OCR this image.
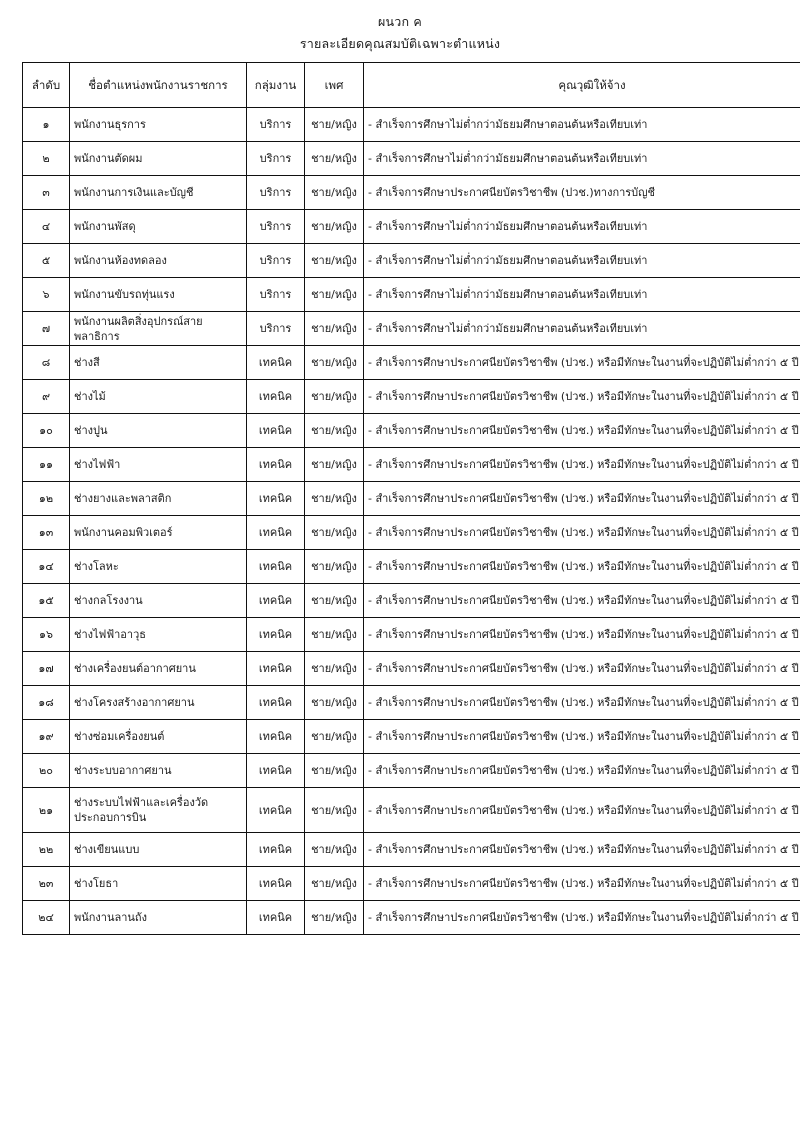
ผนวก ค
รายละเอียดคุณสมบัติเฉพาะตำแหน่ง
ลำดับ	ชื่อตำแหน่งพนักงานราชการ	กลุ่มงาน	เพศ	คุณวุฒิให้จ้าง
๑	พนักงานธุรการ	บริการ	ชาย/หญิง	- สำเร็จการศึกษาไม่ต่ำกว่ามัธยมศึกษาตอนต้นหรือเทียบเท่า
๒	พนักงานตัดผม	บริการ	ชาย/หญิง	- สำเร็จการศึกษาไม่ต่ำกว่ามัธยมศึกษาตอนต้นหรือเทียบเท่า
๓	พนักงานการเงินและบัญชี	บริการ	ชาย/หญิง	- สำเร็จการศึกษาประกาศนียบัตรวิชาชีพ (ปวช.)ทางการบัญชี
๔	พนักงานพัสดุ	บริการ	ชาย/หญิง	- สำเร็จการศึกษาไม่ต่ำกว่ามัธยมศึกษาตอนต้นหรือเทียบเท่า
๕	พนักงานห้องทดลอง	บริการ	ชาย/หญิง	- สำเร็จการศึกษาไม่ต่ำกว่ามัธยมศึกษาตอนต้นหรือเทียบเท่า
๖	พนักงานขับรถทุ่นแรง	บริการ	ชาย/หญิง	- สำเร็จการศึกษาไม่ต่ำกว่ามัธยมศึกษาตอนต้นหรือเทียบเท่า
๗	พนักงานผลิตสิ่งอุปกรณ์สายพลาธิการ	บริการ	ชาย/หญิง	- สำเร็จการศึกษาไม่ต่ำกว่ามัธยมศึกษาตอนต้นหรือเทียบเท่า
๘	ช่างสี	เทคนิค	ชาย/หญิง	- สำเร็จการศึกษาประกาศนียบัตรวิชาชีพ (ปวช.) หรือมีทักษะในงานที่จะปฏิบัติไม่ต่ำกว่า ๕ ปี
๙	ช่างไม้	เทคนิค	ชาย/หญิง	- สำเร็จการศึกษาประกาศนียบัตรวิชาชีพ (ปวช.) หรือมีทักษะในงานที่จะปฏิบัติไม่ต่ำกว่า ๕ ปี
๑๐	ช่างปูน	เทคนิค	ชาย/หญิง	- สำเร็จการศึกษาประกาศนียบัตรวิชาชีพ (ปวช.) หรือมีทักษะในงานที่จะปฏิบัติไม่ต่ำกว่า ๕ ปี
๑๑	ช่างไฟฟ้า	เทคนิค	ชาย/หญิง	- สำเร็จการศึกษาประกาศนียบัตรวิชาชีพ (ปวช.) หรือมีทักษะในงานที่จะปฏิบัติไม่ต่ำกว่า ๕ ปี
๑๒	ช่างยางและพลาสติก	เทคนิค	ชาย/หญิง	- สำเร็จการศึกษาประกาศนียบัตรวิชาชีพ (ปวช.) หรือมีทักษะในงานที่จะปฏิบัติไม่ต่ำกว่า ๕ ปี
๑๓	พนักงานคอมพิวเตอร์	เทคนิค	ชาย/หญิง	- สำเร็จการศึกษาประกาศนียบัตรวิชาชีพ (ปวช.) หรือมีทักษะในงานที่จะปฏิบัติไม่ต่ำกว่า ๕ ปี
๑๔	ช่างโลหะ	เทคนิค	ชาย/หญิง	- สำเร็จการศึกษาประกาศนียบัตรวิชาชีพ (ปวช.) หรือมีทักษะในงานที่จะปฏิบัติไม่ต่ำกว่า ๕ ปี
๑๕	ช่างกลโรงงาน	เทคนิค	ชาย/หญิง	- สำเร็จการศึกษาประกาศนียบัตรวิชาชีพ (ปวช.) หรือมีทักษะในงานที่จะปฏิบัติไม่ต่ำกว่า ๕ ปี
๑๖	ช่างไฟฟ้าอาวุธ	เทคนิค	ชาย/หญิง	- สำเร็จการศึกษาประกาศนียบัตรวิชาชีพ (ปวช.) หรือมีทักษะในงานที่จะปฏิบัติไม่ต่ำกว่า ๕ ปี
๑๗	ช่างเครื่องยนต์อากาศยาน	เทคนิค	ชาย/หญิง	- สำเร็จการศึกษาประกาศนียบัตรวิชาชีพ (ปวช.) หรือมีทักษะในงานที่จะปฏิบัติไม่ต่ำกว่า ๕ ปี
๑๘	ช่างโครงสร้างอากาศยาน	เทคนิค	ชาย/หญิง	- สำเร็จการศึกษาประกาศนียบัตรวิชาชีพ (ปวช.) หรือมีทักษะในงานที่จะปฏิบัติไม่ต่ำกว่า ๕ ปี
๑๙	ช่างซ่อมเครื่องยนต์	เทคนิค	ชาย/หญิง	- สำเร็จการศึกษาประกาศนียบัตรวิชาชีพ (ปวช.) หรือมีทักษะในงานที่จะปฏิบัติไม่ต่ำกว่า ๕ ปี
๒๐	ช่างระบบอากาศยาน	เทคนิค	ชาย/หญิง	- สำเร็จการศึกษาประกาศนียบัตรวิชาชีพ (ปวช.) หรือมีทักษะในงานที่จะปฏิบัติไม่ต่ำกว่า ๕ ปี
๒๑	ช่างระบบไฟฟ้าและเครื่องวัดประกอบการบิน	เทคนิค	ชาย/หญิง	- สำเร็จการศึกษาประกาศนียบัตรวิชาชีพ (ปวช.) หรือมีทักษะในงานที่จะปฏิบัติไม่ต่ำกว่า ๕ ปี
๒๒	ช่างเขียนแบบ	เทคนิค	ชาย/หญิง	- สำเร็จการศึกษาประกาศนียบัตรวิชาชีพ (ปวช.) หรือมีทักษะในงานที่จะปฏิบัติไม่ต่ำกว่า ๕ ปี
๒๓	ช่างโยธา	เทคนิค	ชาย/หญิง	- สำเร็จการศึกษาประกาศนียบัตรวิชาชีพ (ปวช.) หรือมีทักษะในงานที่จะปฏิบัติไม่ต่ำกว่า ๕ ปี
๒๔	พนักงานลานถัง	เทคนิค	ชาย/หญิง	- สำเร็จการศึกษาประกาศนียบัตรวิชาชีพ (ปวช.) หรือมีทักษะในงานที่จะปฏิบัติไม่ต่ำกว่า ๕ ปี
